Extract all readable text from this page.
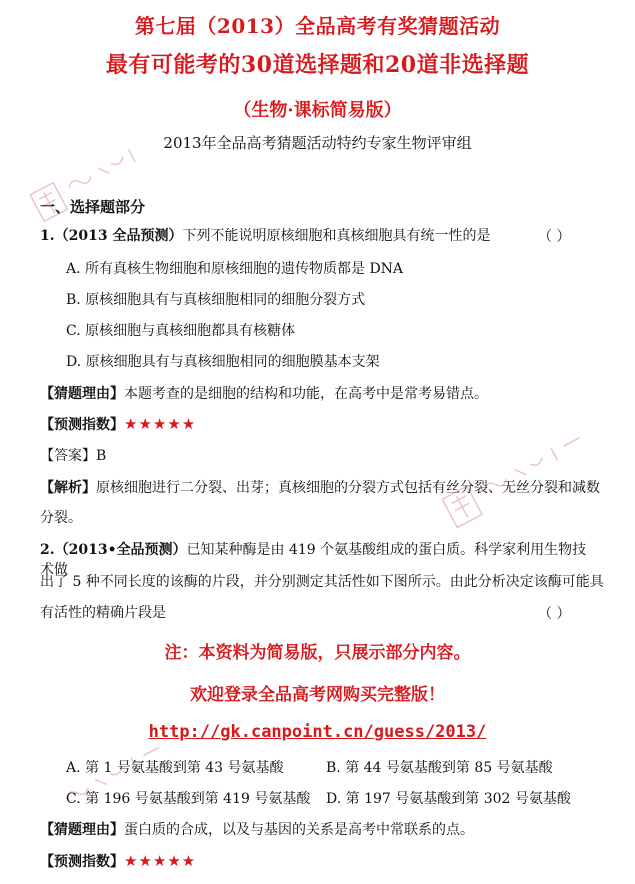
第七届（2013）全品高考有奖猜题活动
最有可能考的30道选择题和20道非选择题
（生物·课标简易版）
2013年全品高考猜题活动特约专家生物评审组
一、选择题部分
1.（2013 全品预测）下列不能说明原核细胞和真核细胞具有统一性的是	（ ）
A. 所有真核生物细胞和原核细胞的遗传物质都是 DNA
B. 原核细胞具有与真核细胞相同的细胞分裂方式
C. 原核细胞与真核细胞都具有核糖体
D. 原核细胞具有与真核细胞相同的细胞膜基本支架
【猜题理由】本题考查的是细胞的结构和功能，在高考中是常考易错点。
【预测指数】★★★★★
【答案】B
【解析】原核细胞进行二分裂、出芽；真核细胞的分裂方式包括有丝分裂、无丝分裂和减数
分裂。
2.（2013•全品预测）已知某种酶是由 419 个氨基酸组成的蛋白质。科学家利用生物技术做
出了 5 种不同长度的该酶的片段，并分别测定其活性如下图所示。由此分析决定该酶可能具
有活性的精确片段是	（ ）
注：本资料为简易版，只展示部分内容。
欢迎登录全品高考网购买完整版！
http://gk.canpoint.cn/guess/2013/
A. 第 1 号氨基酸到第 43 号氨基酸	B. 第 44 号氨基酸到第 85 号氨基酸
C. 第 196 号氨基酸到第 419 号氨基酸 D. 第 197 号氨基酸到第 302 号氨基酸
【猜题理由】蛋白质的合成，以及与基因的关系是高考中常联系的点。
【预测指数】★★★★★
